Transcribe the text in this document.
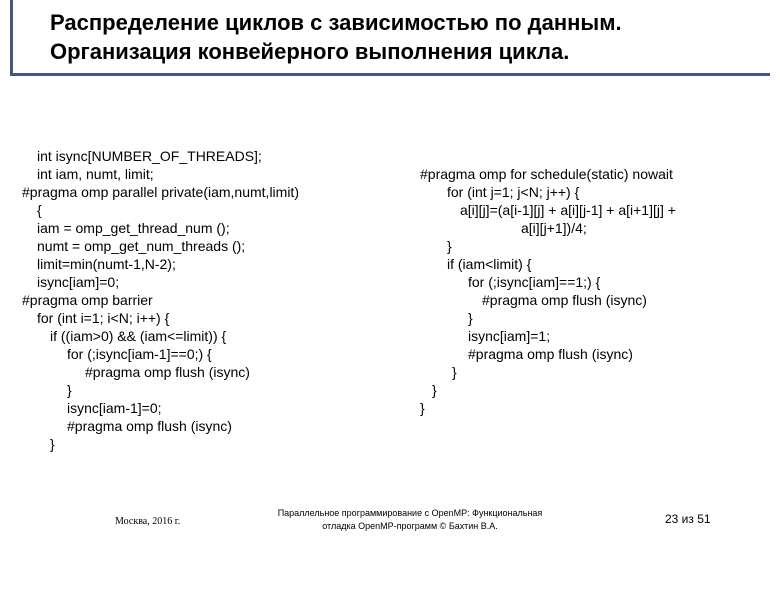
Распределение циклов с зависимостью по данным.
Организация конвейерного выполнения цикла.

int isync[NUMBER_OF_THREADS];

int iam, numt, limit;

#pragma omp parallel private(iam,numt,limit)

{

iam = omp_get_thread_num ();

numt = omp_get_num_threads ();

limit=min(numt-1,N-2);

isync[iam]=0;

#pragma omp barrier

for (int i=1; i<N; i++) {

if ((iam>0) && (iam<=limit)) {

for (;isync[iam-1]==0;) {

#pragma omp flush (isync)

}

isync[iam-1]=0;

#pragma omp flush (isync)

}

#pragma omp for schedule(static) nowait

for (int j=1; j<N; j++) {

a[i][j]=(a[i-1][j] + a[i][j-1] + a[i+1][j] +

a[i][j+1])/4;

}

if (iam<limit) {

for (;isync[iam]==1;) {

#pragma omp flush (isync)

}

isync[iam]=1;

#pragma omp flush (isync)

}

}

}

Москва, 2016 г.
Параллельное программирование с OpenMP: Функциональная
отладка OpenMP-программ © Бахтин В.А.	23 из 51
